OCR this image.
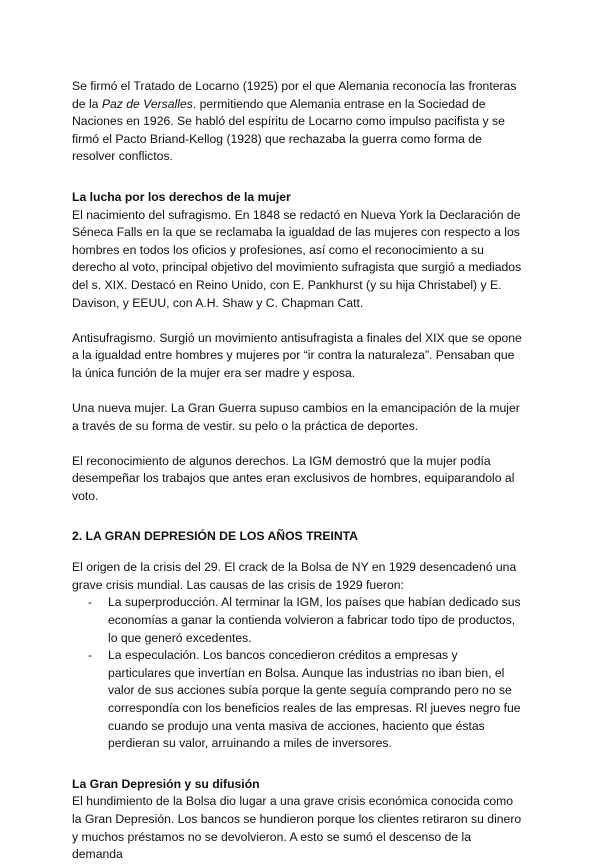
Se firmó el Tratado de Locarno (1925) por el que Alemania reconocía las fronteras de la Paz de Versalles. permitiendo que Alemania entrase en la Sociedad de Naciones en 1926. Se habló del espíritu de Locarno como impulso pacifista y se firmó el Pacto Briand-Kellog (1928) que rechazaba la guerra como forma de resolver conflictos.

La lucha por los derechos de la mujer

El nacimiento del sufragismo. En 1848 se redactó en Nueva York la Declaración de Séneca Falls en la que se reclamaba la igualdad de las mujeres con respecto a los hombres en todos los oficios y profesiones, así como el reconocimiento a su derecho al voto, principal objetivo del movimiento sufragista que surgió a mediados del s. XIX. Destacó en Reino Unido, con E. Pankhurst (y su hija Christabel) y E. Davison, y EEUU, con A.H. Shaw y C. Chapman Catt.

Antisufragismo. Surgió un movimiento antisufragista a finales del XIX que se opone a la igualdad entre hombres y mujeres por “ir contra la naturaleza”. Pensaban que la única función de la mujer era ser madre y esposa.

Una nueva mujer. La Gran Guerra supuso cambios en la emancipación de la mujer a través de su forma de vestir. su pelo o la práctica de deportes.

El reconocimiento de algunos derechos. La IGM demostró que la mujer podía desempeñar los trabajos que antes eran exclusivos de hombres, equiparandolo al voto.

2. LA GRAN DEPRESIÓN DE LOS AÑOS TREINTA

El origen de la crisis del 29. El crack de la Bolsa de NY en 1929 desencadenó una grave crisis mundial. Las causas de las crisis de 1929 fueron:

- La superproducción. Al terminar la IGM, los países que habían dedicado sus economías a ganar la contienda volvieron a fabricar todo tipo de productos, lo que generó excedentes.
- La especulación. Los bancos concedieron créditos a empresas y particulares que invertían en Bolsa. Aunque las industrias no iban bien, el valor de sus acciones subía porque la gente seguía comprando pero no se correspondía con los beneficios reales de las empresas. Rl jueves negro fue cuando se produjo una venta masiva de acciones, haciento que éstas perdieran su valor, arruinando a miles de inversores.

La Gran Depresión y su difusión

El hundimiento de la Bolsa dio lugar a una grave crisis económica conocida como la Gran Depresión. Los bancos se hundieron porque los clientes retiraron su dinero y muchos préstamos no se devolvieron. A esto se sumó el descenso de la demanda
